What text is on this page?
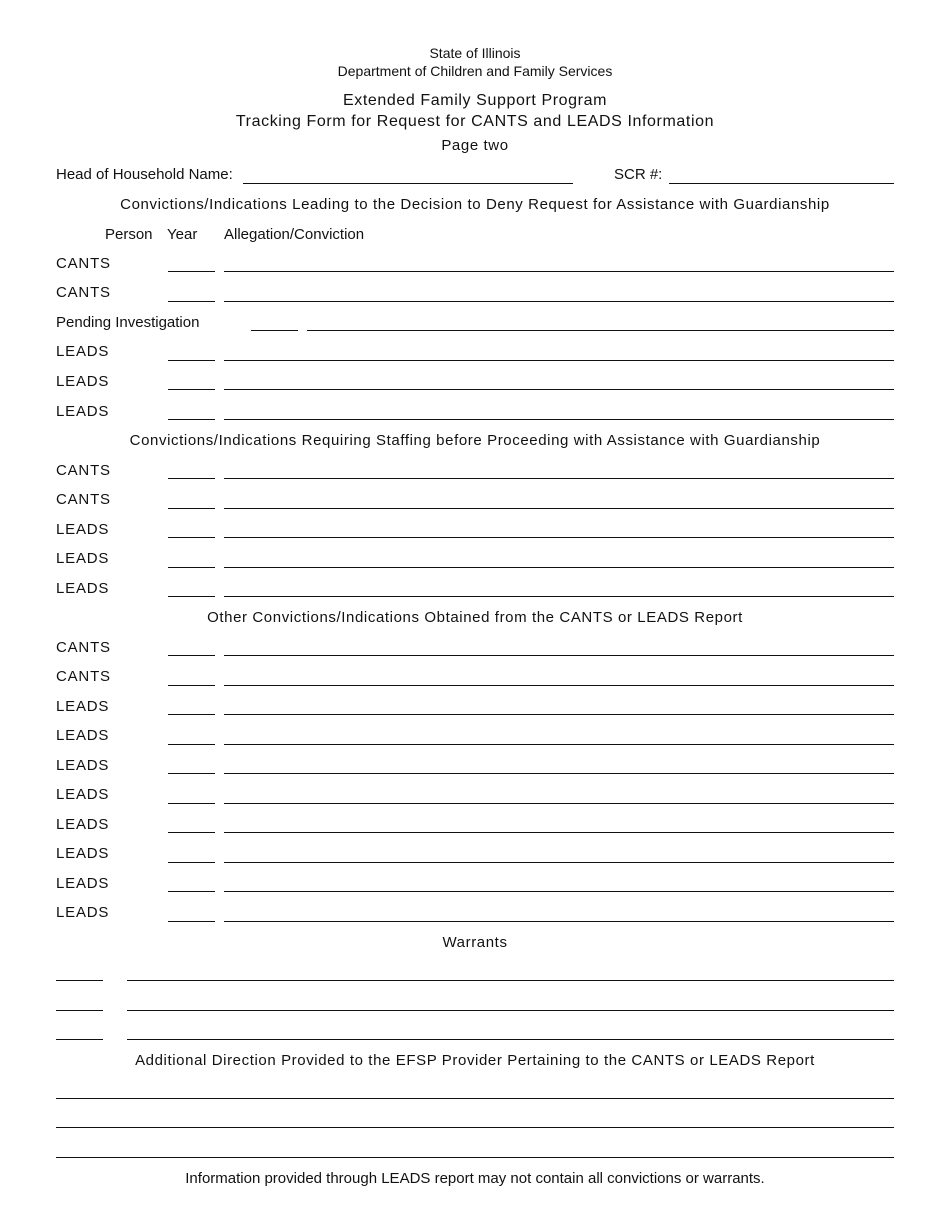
State of Illinois
Department of Children and Family Services
Extended Family Support Program
Tracking Form for Request for CANTS and LEADS Information
Page two
Head of Household Name:	SCR #:
Convictions/Indications Leading to the Decision to Deny Request for Assistance with Guardianship
Person Year Allegation/Conviction
CANTS
CANTS
Pending Investigation
LEADS
LEADS
LEADS
Convictions/Indications Requiring Staffing before Proceeding with Assistance with Guardianship
CANTS
CANTS
LEADS
LEADS
LEADS
Other Convictions/Indications Obtained from the CANTS or LEADS Report
CANTS
CANTS
LEADS
LEADS
LEADS
LEADS
LEADS
LEADS
LEADS
LEADS
Warrants
Additional Direction Provided to the EFSP Provider Pertaining to the CANTS or LEADS Report
Information provided through LEADS report may not contain all convictions or warrants.
